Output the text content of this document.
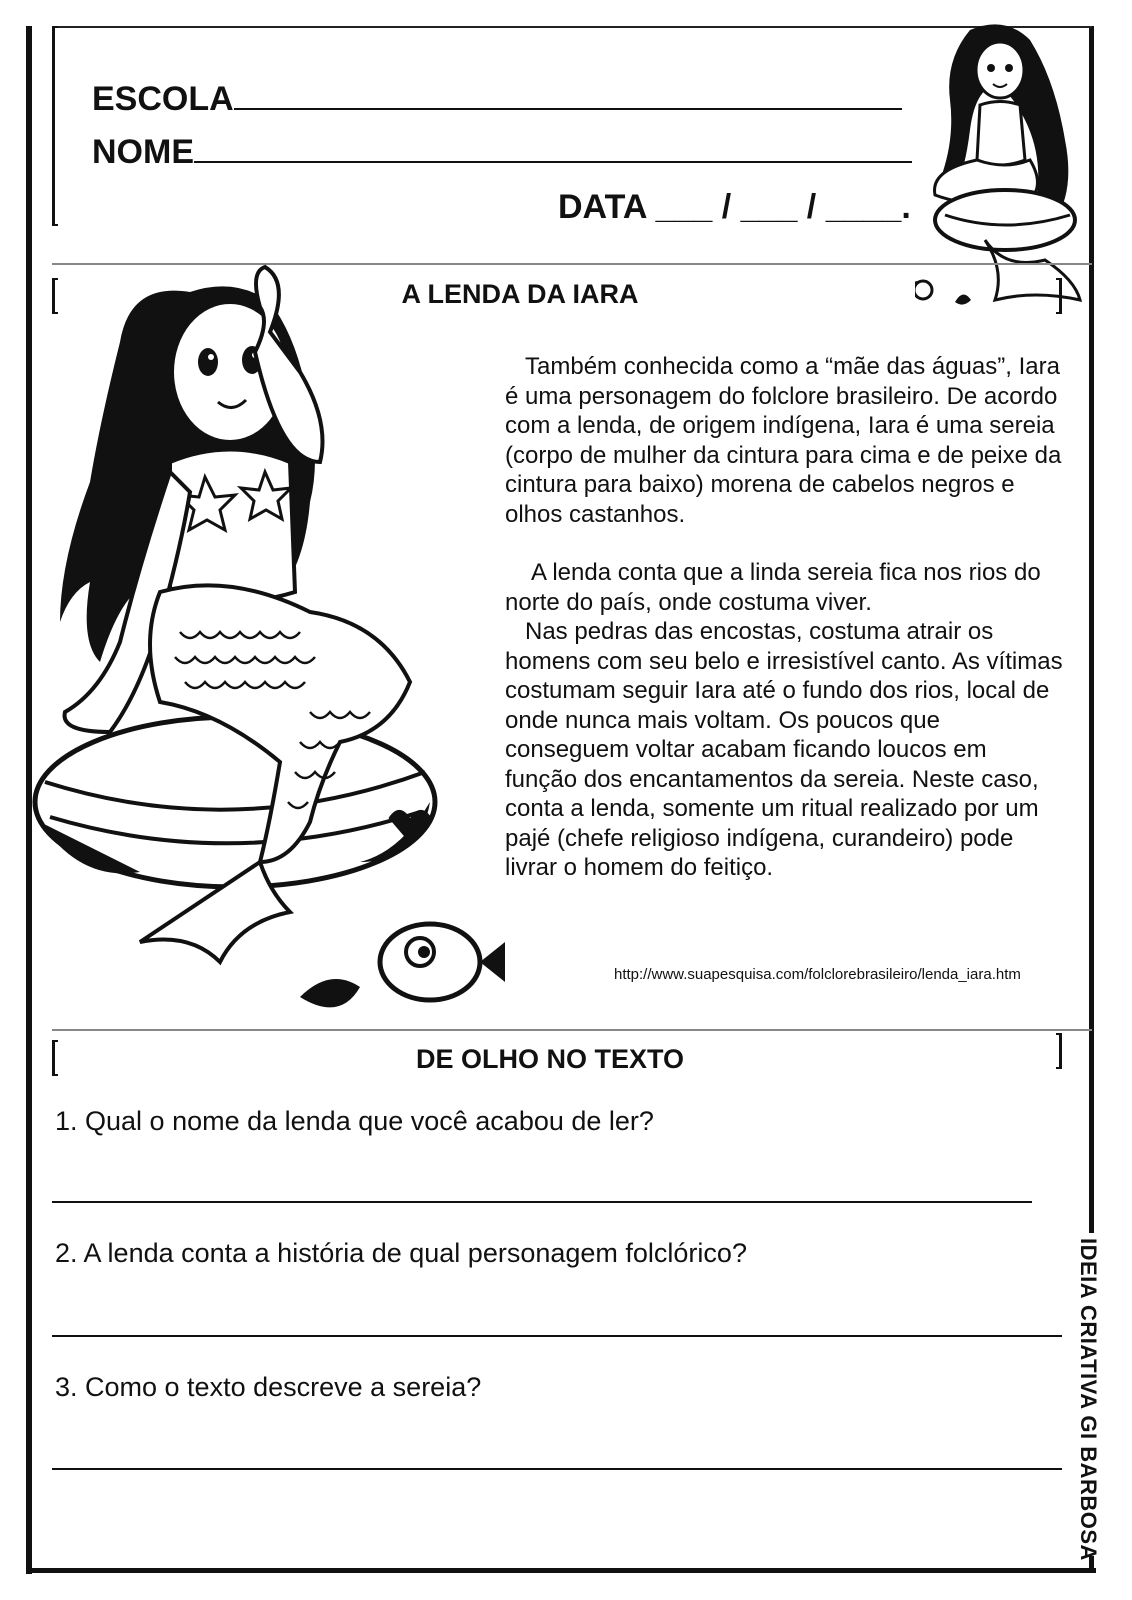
ESCOLA
NOME
DATA ___ / ___ / ____.
A LENDA DA IARA

Também conhecida como a “mãe das águas”, Iara é uma personagem do folclore brasileiro. De acordo com a lenda, de origem indígena, Iara é uma sereia (corpo de mulher da cintura para cima e de peixe da cintura para baixo) morena de cabelos negros e olhos castanhos.

A lenda conta que a linda sereia fica nos rios do norte do país, onde costuma viver.

Nas pedras das encostas, costuma atrair os homens com seu belo e irresistível canto. As vítimas costumam seguir Iara até o fundo dos rios, local de onde nunca mais voltam. Os poucos que conseguem voltar acabam ficando loucos em função dos encantamentos da sereia. Neste caso, conta a lenda, somente um ritual realizado por um pajé (chefe religioso indígena, curandeiro) pode livrar o homem do feitiço.

http://www.suapesquisa.com/folclorebrasileiro/lenda_iara.htm
DE OLHO NO TEXTO
1. Qual o nome da lenda que você acabou de ler?
2. A lenda conta a história de qual personagem folclórico?
3. Como o texto descreve a sereia?	IDEIA CRIATIVA GI BARBOSA
